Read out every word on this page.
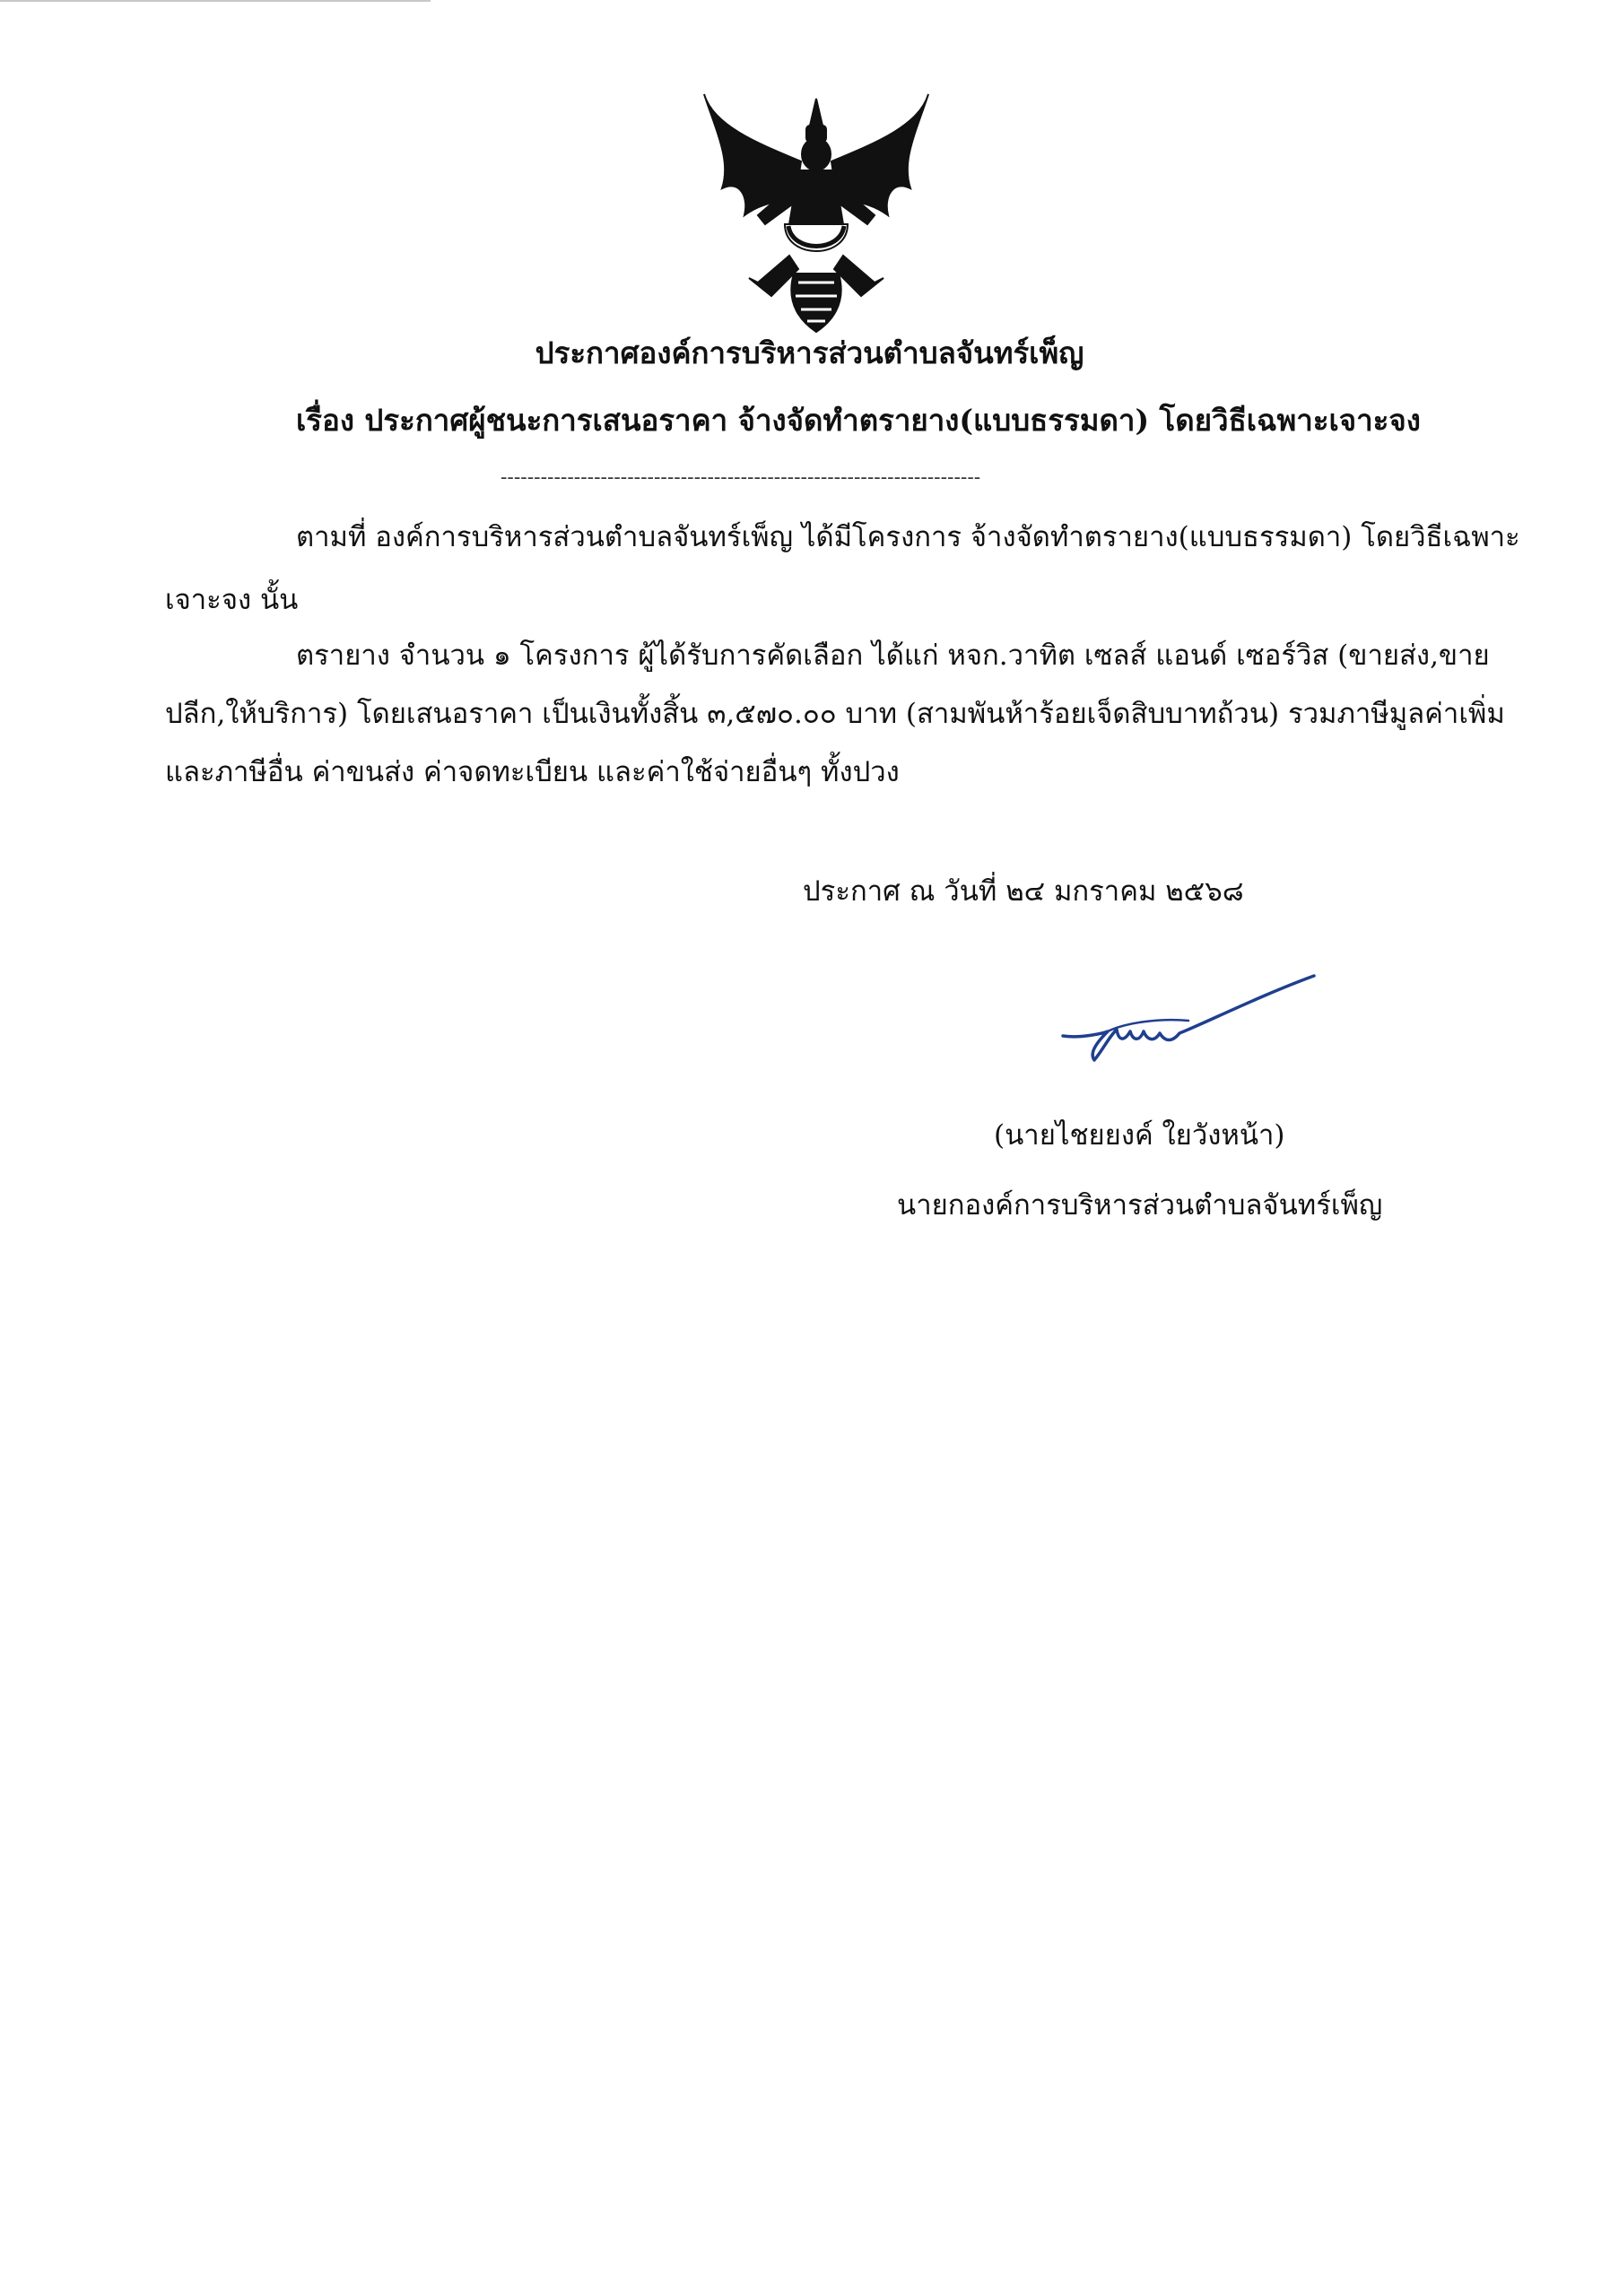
ประกาศองค์การบริหารส่วนตำบลจันทร์เพ็ญ
เรื่อง ประกาศผู้ชนะการเสนอราคา จ้างจัดทำตรายาง(แบบธรรมดา) โดยวิธีเฉพาะเจาะจง
------------------------------------------------------------------------
ตามที่ องค์การบริหารส่วนตำบลจันทร์เพ็ญ ได้มีโครงการ จ้างจัดทำตรายาง(แบบธรรมดา) โดยวิธีเฉพาะ
เจาะจง นั้น
ตรายาง จำนวน ๑ โครงการ ผู้ได้รับการคัดเลือก ได้แก่ หจก.วาทิต เซลส์ แอนด์ เซอร์วิส (ขายส่ง,ขาย
ปลีก,ให้บริการ) โดยเสนอราคา เป็นเงินทั้งสิ้น ๓,๕๗๐.๐๐ บาท (สามพันห้าร้อยเจ็ดสิบบาทถ้วน) รวมภาษีมูลค่าเพิ่ม
และภาษีอื่น ค่าขนส่ง ค่าจดทะเบียน และค่าใช้จ่ายอื่นๆ ทั้งปวง
ประกาศ ณ วันที่ ๒๔ มกราคม ๒๕๖๘
(นายไชยยงค์ ใยวังหน้า)
นายกองค์การบริหารส่วนตำบลจันทร์เพ็ญ
